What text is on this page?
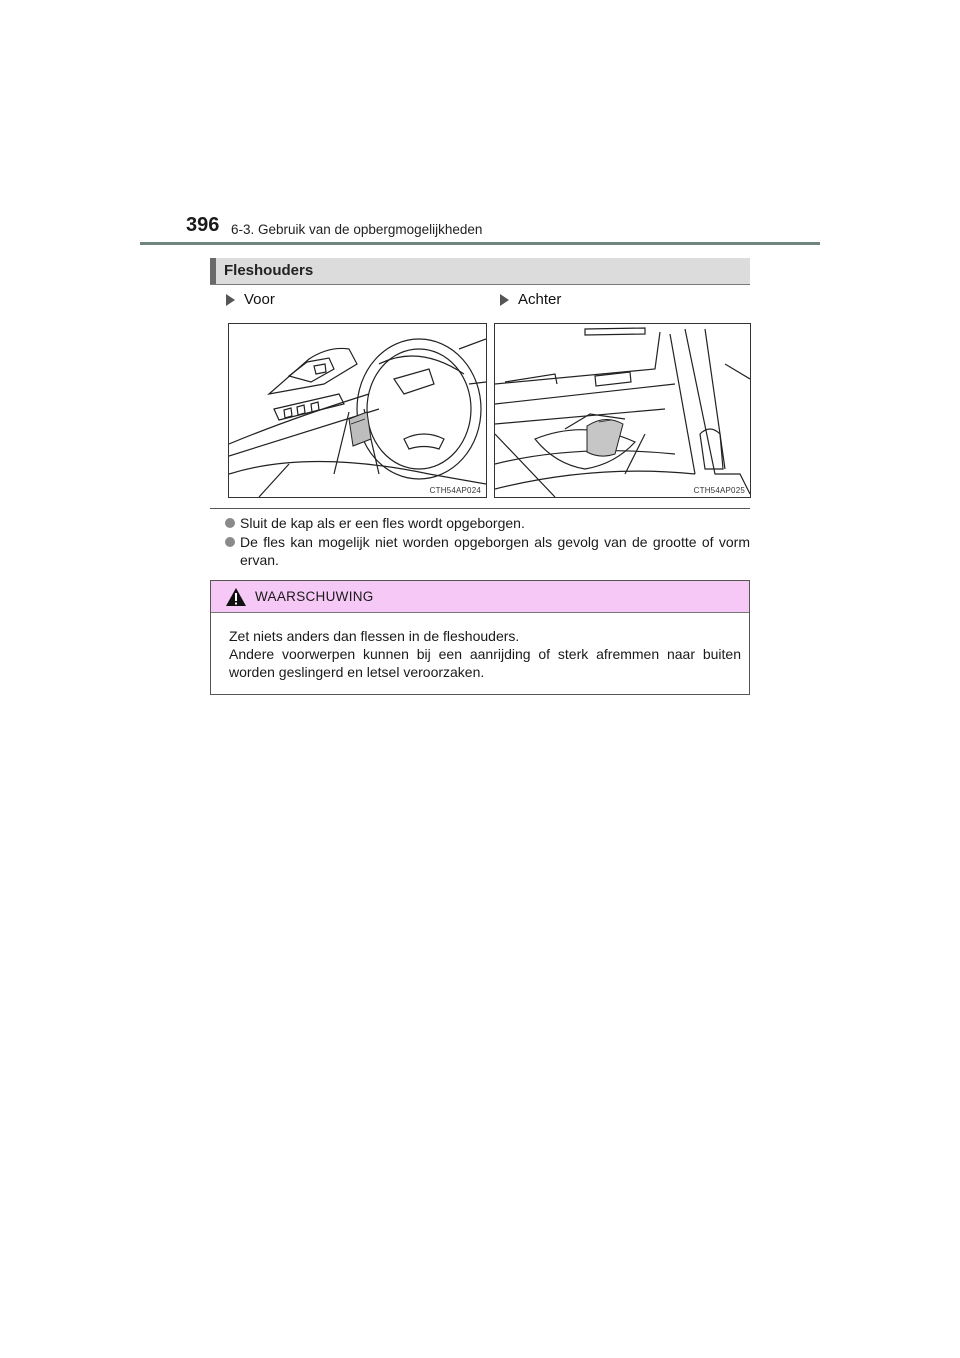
396 6-3. Gebruik van de opbergmogelijkheden
Fleshouders
Voor	Achter
CTH54AP024	CTH54AP025
Sluit de kap als er een fles wordt opgeborgen.
De fles kan mogelijk niet worden opgeborgen als gevolg van de grootte of vorm ervan.
WAARSCHUWING

Zet niets anders dan flessen in de fleshouders.

Andere voorwerpen kunnen bij een aanrijding of sterk afremmen naar buiten worden geslingerd en letsel veroorzaken.
